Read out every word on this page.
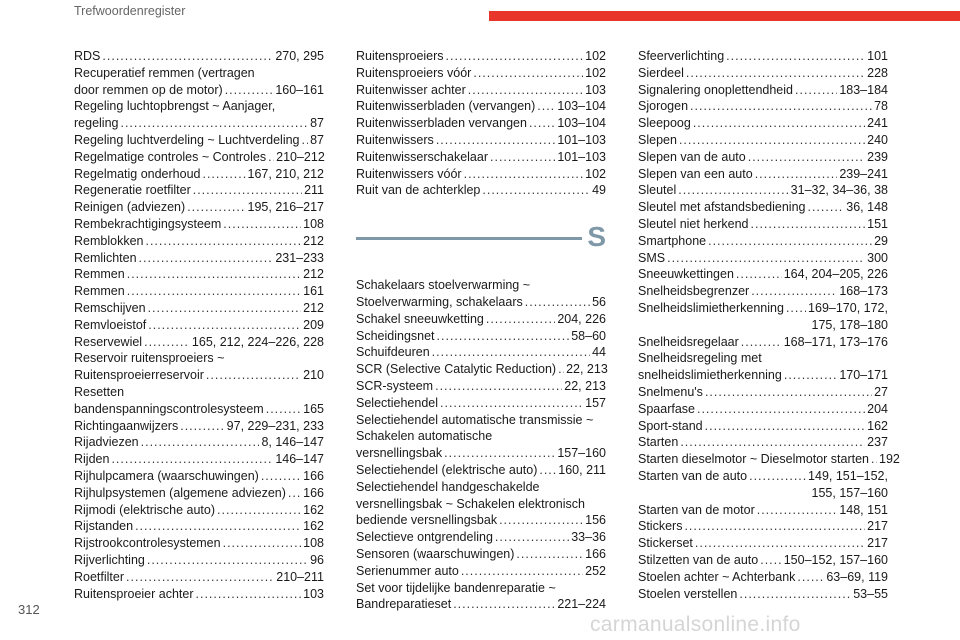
Trefwoordenregister
RDS .....	270, 295
Recuperatief remmen (vertragen
door remmen op de motor) .....	160–161
Regeling luchtopbrengst ~ Aanjager,
regeling .....	87
Regeling luchtverdeling ~ Luchtverdeling ..... 87
Regelmatige controles ~ Controles ..... 210–212
Regelmatig onderhoud .....	167, 210, 212
Regeneratie roetfilter .....	211
Reinigen (adviezen) .....	195, 216–217
Rembekrachtigingsysteem .....	108
Remblokken .....	212
Remlichten .....	231–233
Remmen .....	212
Remmen .....	161
Remschijven .....	212
Remvloeistof .....	209
Reservewiel .....	165, 212, 224–226, 228
Reservoir ruitensproeiers ~
Ruitensproeierreservoir .....	210
Resetten
bandenspanningscontrolesysteem .....	165
Richtingaanwijzers .....	97, 229–231, 233
Rijadviezen .....	8, 146–147
Rijden .....	146–147
Rijhulpcamera (waarschuwingen) .....	166
Rijhulpsystemen (algemene adviezen) ..... 166
Rijmodi (elektrische auto) .....	162
Rijstanden .....	162
Rijstrookcontrolesystemen .....	108
Rijverlichting .....	96
Roetfilter .....	210–211
Ruitensproeier achter .....	103
Ruitensproeiers .....	102
Ruitensproeiers vóór .....	102
Ruitenwisser achter .....	103
Ruitenwisserbladen (vervangen) ..... 103–104
Ruitenwisserbladen vervangen ..... 103–104
Ruitenwissers .....	101–103
Ruitenwisserschakelaar .....	101–103
Ruitenwissers vóór .....	102
Ruit van de achterklep .....	49
S
Schakelaars stoelverwarming ~
Stoelverwarming, schakelaars .....	56
Schakel sneeuwketting .....	204, 226
Scheidingsnet .....	58–60
Schuifdeuren .....	44
SCR (Selective Catalytic Reduction) ..... 22, 213
SCR-systeem .....	22, 213
Selectiehendel .....	157
Selectiehendel automatische transmissie ~
Schakelen automatische
versnellingsbak .....	157–160
Selectiehendel (elektrische auto) ..... 160, 211
Selectiehendel handgeschakelde
versnellingsbak ~ Schakelen elektronisch
bediende versnellingsbak .....	156
Selectieve ontgrendeling .....	33–36
Sensoren (waarschuwingen) .....	166
Serienummer auto .....	252
Set voor tijdelijke bandenreparatie ~
Bandreparatieset .....	221–224
Sfeerverlichting .....	101
Sierdeel .....	228
Signalering onoplettendheid .....	183–184
Sjorogen .....	78
Sleepoog .....	241
Slepen .....	240
Slepen van de auto .....	239
Slepen van een auto .....	239–241
Sleutel .....	31–32, 34–36, 38
Sleutel met afstandsbediening .....	36, 148
Sleutel niet herkend .....	151
Smartphone .....	29
SMS .....	300
Sneeuwkettingen .....	164, 204–205, 226
Snelheidsbegrenzer .....	168–173
Snelheidslimietherkenning ..... 169–170, 172,
175, 178–180
Snelheidsregelaar .....	168–171, 173–176
Snelheidsregeling met
snelheidslimietherkenning .....	170–171
Snelmenu's .....	27
Spaarfase .....	204
Sport-stand .....	162
Starten .....	237
Starten dieselmotor ~ Dieselmotor starten ..... 192
Starten van de auto .....	149, 151–152,
155, 157–160
Starten van de motor .....	148, 151
Stickers .....	217
Stickerset .....	217
Stilzetten van de auto ..... 150–152, 157–160
Stoelen achter ~ Achterbank ..... 63–69, 119
Stoelen verstellen .....	53–55
312
carmanualsonline.info
